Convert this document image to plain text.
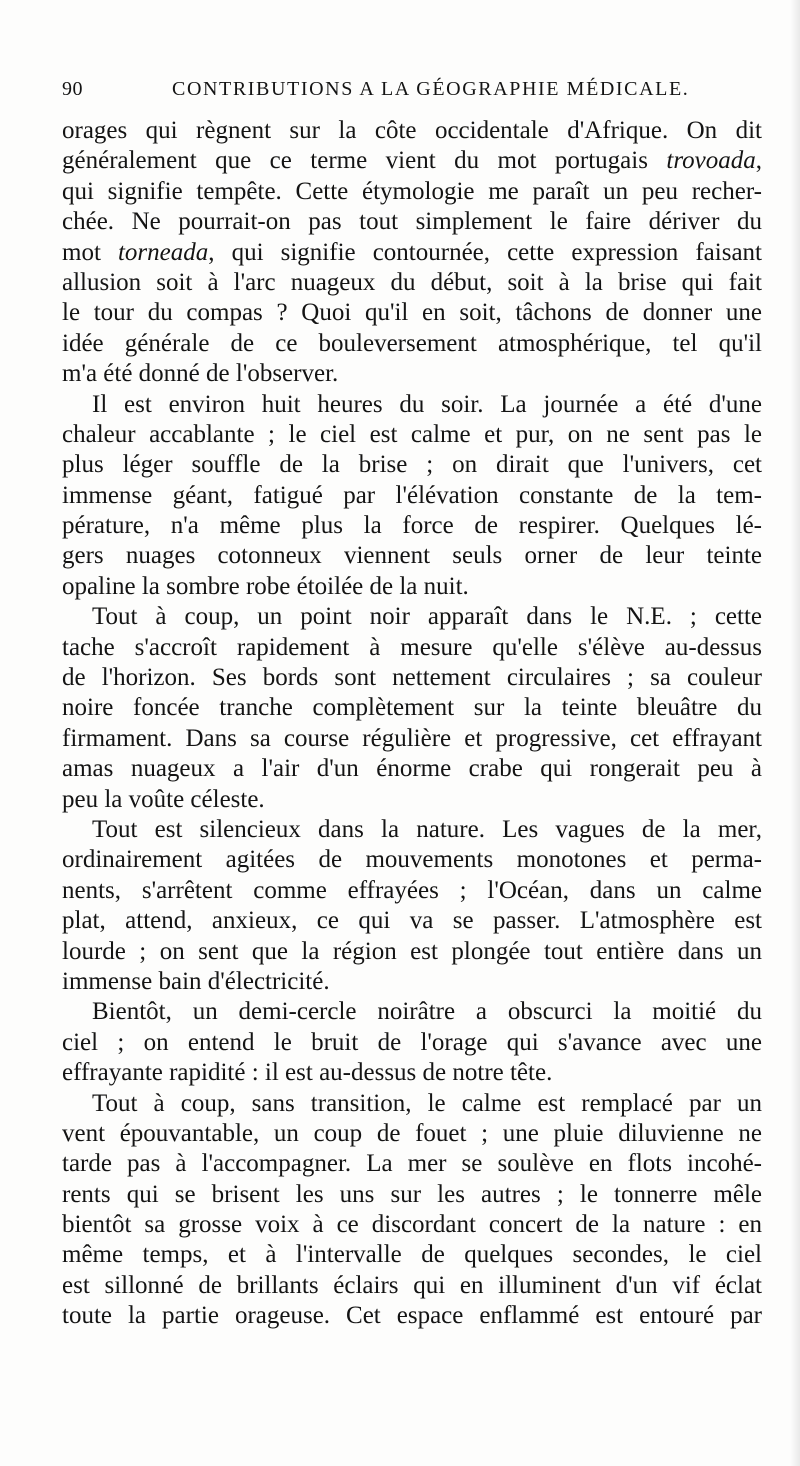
90	CONTRIBUTIONS A LA GÉOGRAPHIE MÉDICALE.
orages qui règnent sur la côte occidentale d'Afrique. On dit
généralement que ce terme vient du mot portugais trovoada,
qui signifie tempête. Cette étymologie me paraît un peu recher-
chée. Ne pourrait-on pas tout simplement le faire dériver du
mot torneada, qui signifie contournée, cette expression faisant
allusion soit à l'arc nuageux du début, soit à la brise qui fait
le tour du compas ? Quoi qu'il en soit, tâchons de donner une
idée générale de ce bouleversement atmosphérique, tel qu'il
m'a été donné de l'observer.
Il est environ huit heures du soir. La journée a été d'une
chaleur accablante ; le ciel est calme et pur, on ne sent pas le
plus léger souffle de la brise ; on dirait que l'univers, cet
immense géant, fatigué par l'élévation constante de la tem-
pérature, n'a même plus la force de respirer. Quelques lé-
gers nuages cotonneux viennent seuls orner de leur teinte
opaline la sombre robe étoilée de la nuit.
Tout à coup, un point noir apparaît dans le N.E. ; cette
tache s'accroît rapidement à mesure qu'elle s'élève au-dessus
de l'horizon. Ses bords sont nettement circulaires ; sa couleur
noire foncée tranche complètement sur la teinte bleuâtre du
firmament. Dans sa course régulière et progressive, cet effrayant
amas nuageux a l'air d'un énorme crabe qui rongerait peu à
peu la voûte céleste.
Tout est silencieux dans la nature. Les vagues de la mer,
ordinairement agitées de mouvements monotones et perma-
nents, s'arrêtent comme effrayées ; l'Océan, dans un calme
plat, attend, anxieux, ce qui va se passer. L'atmosphère est
lourde ; on sent que la région est plongée tout entière dans un
immense bain d'électricité.
Bientôt, un demi-cercle noirâtre a obscurci la moitié du
ciel ; on entend le bruit de l'orage qui s'avance avec une
effrayante rapidité : il est au-dessus de notre tête.
Tout à coup, sans transition, le calme est remplacé par un
vent épouvantable, un coup de fouet ; une pluie diluvienne ne
tarde pas à l'accompagner. La mer se soulève en flots incohé-
rents qui se brisent les uns sur les autres ; le tonnerre mêle
bientôt sa grosse voix à ce discordant concert de la nature : en
même temps, et à l'intervalle de quelques secondes, le ciel
est sillonné de brillants éclairs qui en illuminent d'un vif éclat
toute la partie orageuse. Cet espace enflammé est entouré par
